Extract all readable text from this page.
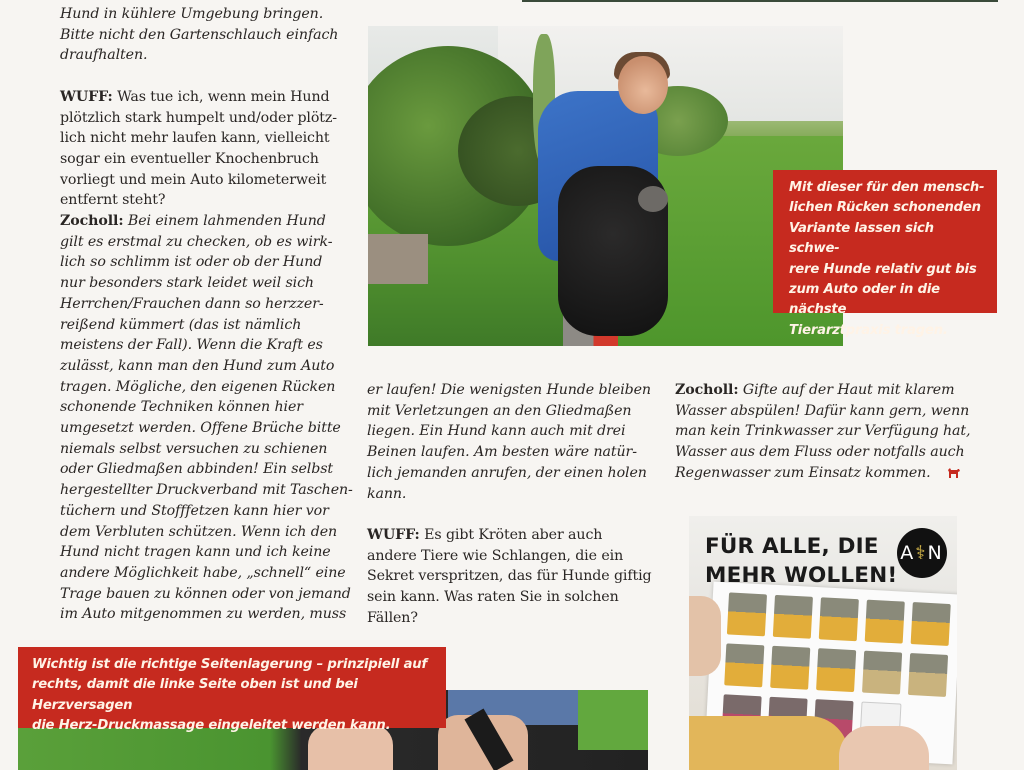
Hund in kühlere Umgebung bringen.

Bitte nicht den Gartenschlauch einfach

draufhalten.

WUFF: Was tue ich, wenn mein Hund

plötzlich stark humpelt und/oder plötz-

lich nicht mehr laufen kann, vielleicht

sogar ein eventueller Knochenbruch

vorliegt und mein Auto kilometerweit

entfernt steht?

Zocholl: Bei einem lahmenden Hund

gilt es erstmal zu checken, ob es wirk-

lich so schlimm ist oder ob der Hund

nur besonders stark leidet weil sich

Herrchen/Frauchen dann so herzzer-

reißend kümmert (das ist nämlich

meistens der Fall). Wenn die Kraft es

zulässt, kann man den Hund zum Auto

tragen. Mögliche, den eigenen Rücken

schonende Techniken können hier

umgesetzt werden. Offene Brüche bitte

niemals selbst versuchen zu schienen

oder Gliedmaßen abbinden! Ein selbst

hergestellter Druckverband mit Taschen-

tüchern und Stofffetzen kann hier vor

dem Verbluten schützen. Wenn ich den

Hund nicht tragen kann und ich keine

andere Möglichkeit habe, „schnell“ eine

Trage bauen zu können oder von jemand

im Auto mitgenommen zu werden, muss

Mit dieser für den mensch-
lichen Rücken schonenden
Variante lassen sich schwe-
rere Hunde relativ gut bis
zum Auto oder in die nächste
Tierarztpraxis tragen.

er laufen! Die wenigsten Hunde bleiben

mit Verletzungen an den Gliedmaßen

liegen. Ein Hund kann auch mit drei

Beinen laufen. Am besten wäre natür-

lich jemanden anrufen, der einen holen

kann.

WUFF: Es gibt Kröten aber auch

andere Tiere wie Schlangen, die ein

Sekret verspritzen, das für Hunde giftig

sein kann. Was raten Sie in solchen

Fällen?

Zocholl: Gifte auf der Haut mit klarem

Wasser abspülen! Dafür kann gern, wenn

man kein Trinkwasser zur Verfügung hat,

Wasser aus dem Fluss oder notfalls auch

Regenwasser zum Einsatz kommen.

FÜR ALLE, DIE
MEHR WOLLEN!
A⚕N
Wichtig ist die richtige Seitenlagerung – prinzipiell auf
rechts, damit die linke Seite oben ist und bei Herzversagen
die Herz-Druckmassage eingeleitet werden kann.
